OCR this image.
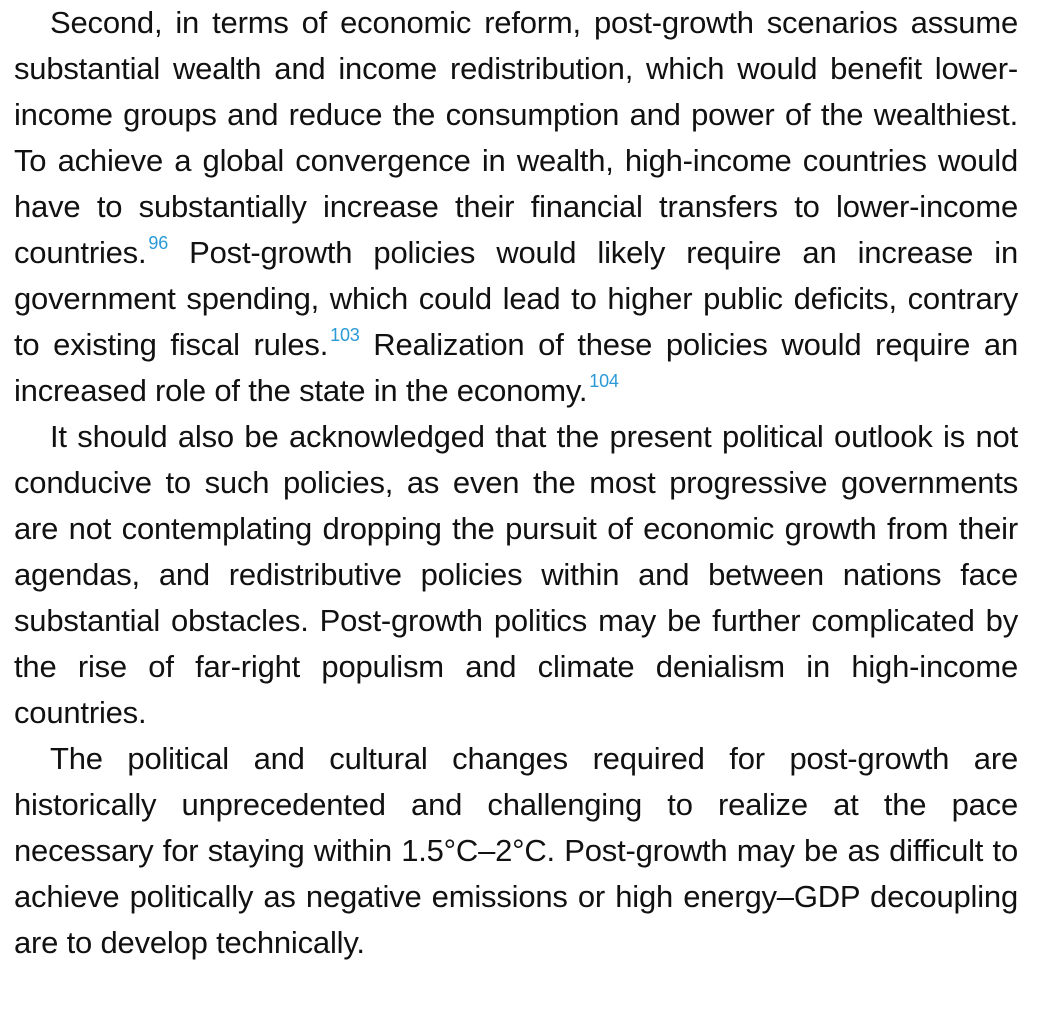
Second, in terms of economic reform, post-growth scenarios assume substantial wealth and income redistribution, which would benefit lower-income groups and reduce the consumption and power of the wealthiest. To achieve a global convergence in wealth, high-income countries would have to substantially increase their financial transfers to lower-income countries. $^{96}$ Post-growth policies would likely require an increase in government spending, which could lead to higher public deficits, contrary to existing fiscal rules. $^{103}$ Realization of these policies would require an increased role of the state in the economy. $^{104}$

It should also be acknowledged that the present political outlook is not conducive to such policies, as even the most progressive governments are not contemplating dropping the pursuit of economic growth from their agendas, and redistributive policies within and between nations face substantial obstacles. Post-growth politics may be further complicated by the rise of far-right populism and climate denialism in high-income countries.

The political and cultural changes required for post-growth are historically unprecedented and challenging to realize at the pace necessary for staying within 1.5°C–2°C. Post-growth may be as difficult to achieve politically as negative emissions or high energy–GDP decoupling are to develop technically.
